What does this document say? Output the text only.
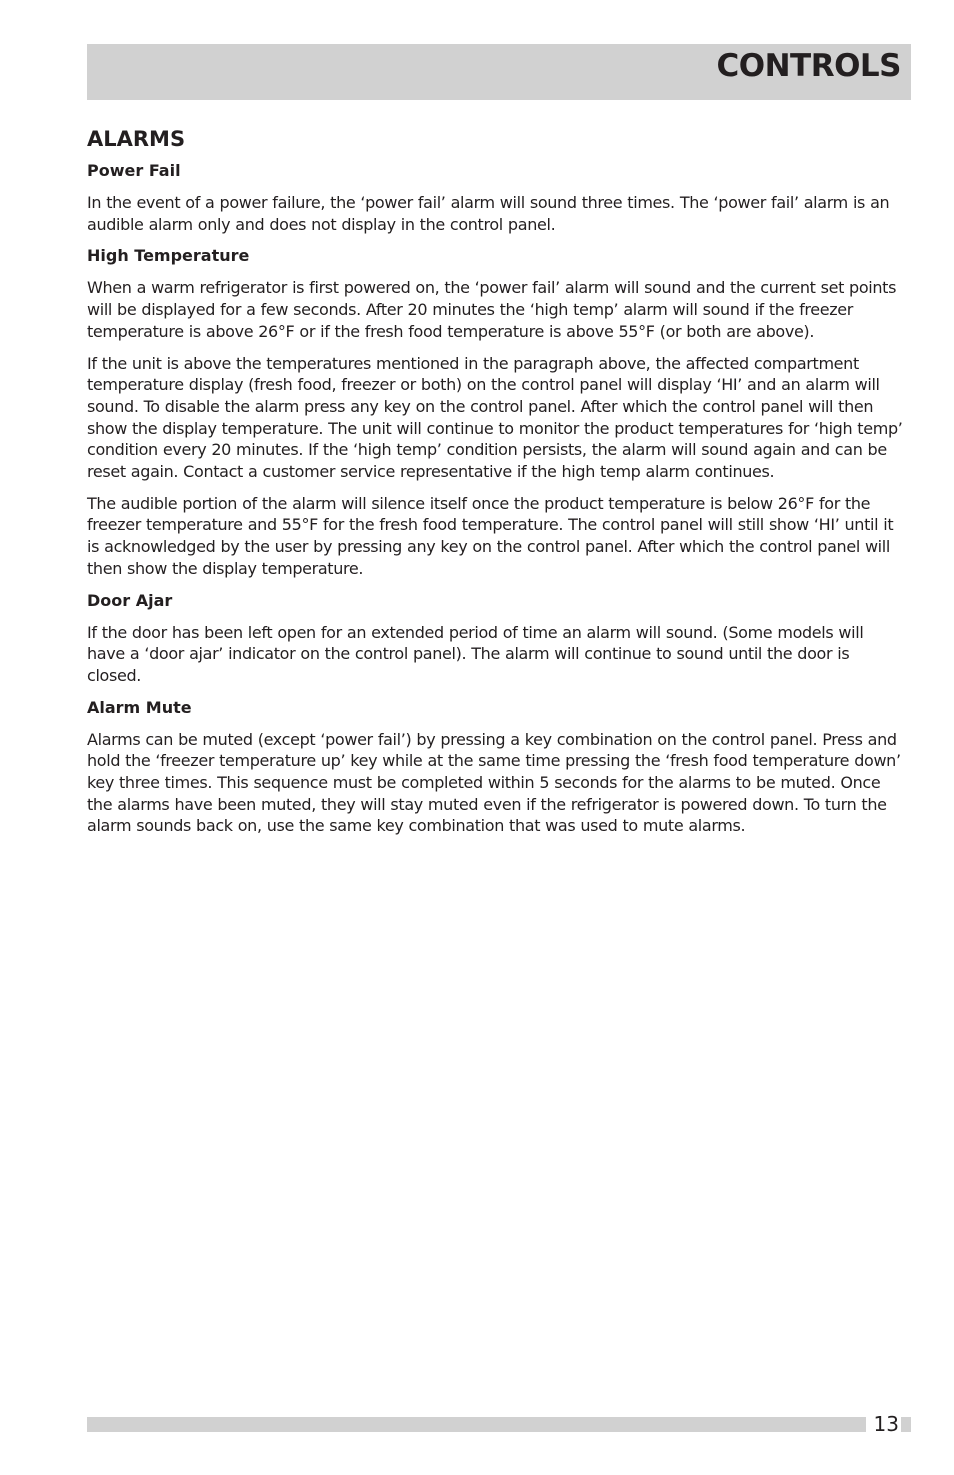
CONTROLS
ALARMS
Power Fail

In the event of a power failure, the ‘power fail’ alarm will sound three times. The ‘power fail’ alarm is an audible alarm only and does not display in the control panel.

High Temperature

When a warm refrigerator is first powered on, the ‘power fail’ alarm will sound and the current set points will be displayed for a few seconds. After 20 minutes the ‘high temp’ alarm will sound if the freezer temperature is above 26°F or if the fresh food temperature is above 55°F (or both are above).

If the unit is above the temperatures mentioned in the paragraph above, the affected compartment temperature display (fresh food, freezer or both) on the control panel will display ‘HI’ and an alarm will sound. To disable the alarm press any key on the control panel. After which the control panel will then show the display temperature. The unit will continue to monitor the product temperatures for ‘high temp’ condition every 20 minutes. If the ‘high temp’ condition persists, the alarm will sound again and can be reset again. Contact a customer service representative if the high temp alarm continues.

The audible portion of the alarm will silence itself once the product temperature is below 26°F for the freezer temperature and 55°F for the fresh food temperature. The control panel will still show ‘HI’ until it is acknowledged by the user by pressing any key on the control panel. After which the control panel will then show the display temperature.

Door Ajar

If the door has been left open for an extended period of time an alarm will sound. (Some models will have a ‘door ajar’ indicator on the control panel). The alarm will continue to sound until the door is closed.

Alarm Mute

Alarms can be muted (except ‘power fail’) by pressing a key combination on the control panel. Press and hold the ‘freezer temperature up’ key while at the same time pressing the ‘fresh food temperature down’ key three times. This sequence must be completed within 5 seconds for the alarms to be muted. Once the alarms have been muted, they will stay muted even if the refrigerator is powered down. To turn the alarm sounds back on, use the same key combination that was used to mute alarms.

13
